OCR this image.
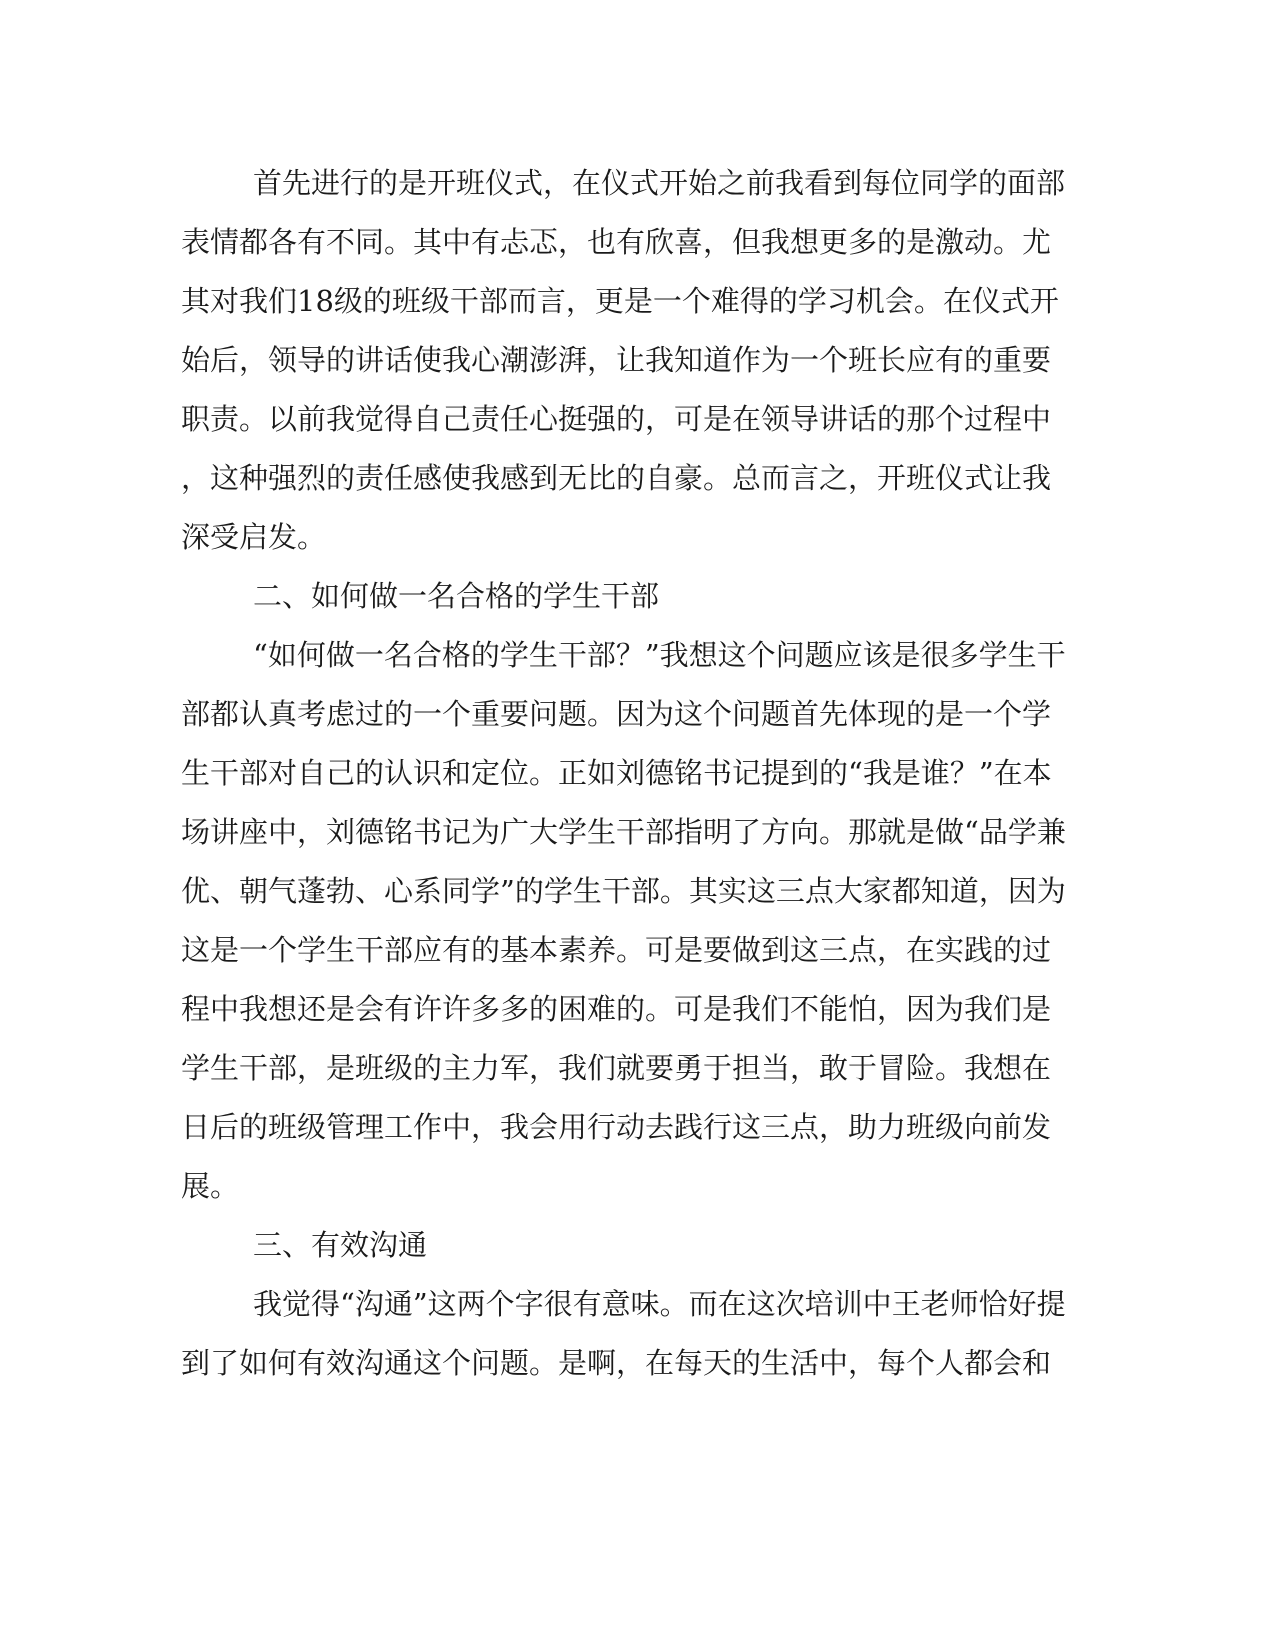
首先进行的是开班仪式，在仪式开始之前我看到每位同学的面部
表情都各有不同。其中有忐忑，也有欣喜，但我想更多的是激动。尤
其对我们18级的班级干部而言，更是一个难得的学习机会。在仪式开
始后，领导的讲话使我心潮澎湃，让我知道作为一个班长应有的重要
职责。以前我觉得自己责任心挺强的，可是在领导讲话的那个过程中
，这种强烈的责任感使我感到无比的自豪。总而言之，开班仪式让我
深受启发。
二、如何做一名合格的学生干部
“如何做一名合格的学生干部？”我想这个问题应该是很多学生干
部都认真考虑过的一个重要问题。因为这个问题首先体现的是一个学
生干部对自己的认识和定位。正如刘德铭书记提到的“我是谁？”在本
场讲座中，刘德铭书记为广大学生干部指明了方向。那就是做“品学兼
优、朝气蓬勃、心系同学”的学生干部。其实这三点大家都知道，因为
这是一个学生干部应有的基本素养。可是要做到这三点，在实践的过
程中我想还是会有许许多多的困难的。可是我们不能怕，因为我们是
学生干部，是班级的主力军，我们就要勇于担当，敢于冒险。我想在
日后的班级管理工作中，我会用行动去践行这三点，助力班级向前发
展。
三、有效沟通
我觉得“沟通”这两个字很有意味。而在这次培训中王老师恰好提
到了如何有效沟通这个问题。是啊，在每天的生活中，每个人都会和
